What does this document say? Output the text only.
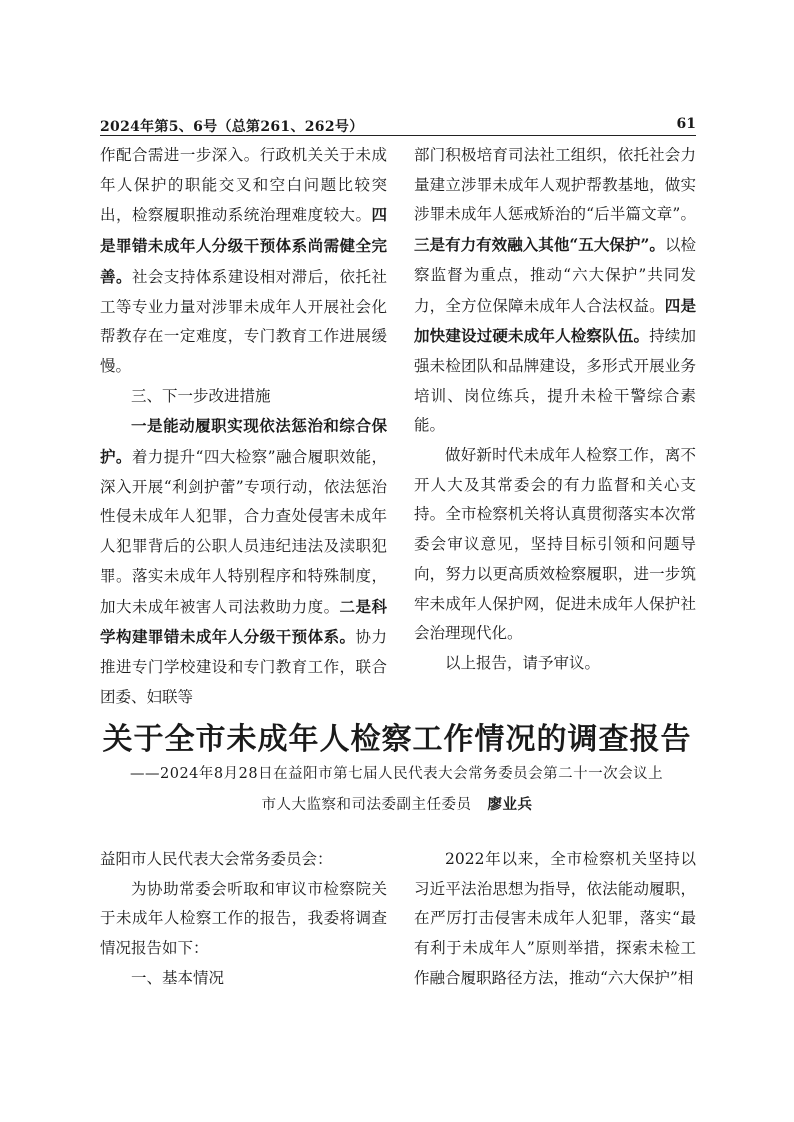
2024年第5、6号（总第261、262号）	61

作配合需进一步深入。行政机关关于未成年人保护的职能交叉和空白问题比较突出，检察履职推动系统治理难度较大。四是罪错未成年人分级干预体系尚需健全完善。社会支持体系建设相对滞后，依托社工等专业力量对涉罪未成年人开展社会化帮教存在一定难度，专门教育工作进展缓慢。

三、下一步改进措施

一是能动履职实现依法惩治和综合保护。着力提升“四大检察”融合履职效能，深入开展“利剑护蕾”专项行动，依法惩治性侵未成年人犯罪，合力查处侵害未成年人犯罪背后的公职人员违纪违法及渎职犯罪。落实未成年人特别程序和特殊制度，加大未成年被害人司法救助力度。二是科学构建罪错未成年人分级干预体系。协力推进专门学校建设和专门教育工作，联合团委、妇联等

部门积极培育司法社工组织，依托社会力量建立涉罪未成年人观护帮教基地，做实涉罪未成年人惩戒矫治的“后半篇文章”。三是有力有效融入其他“五大保护”。以检察监督为重点，推动“六大保护”共同发力，全方位保障未成年人合法权益。四是加快建设过硬未成年人检察队伍。持续加强未检团队和品牌建设，多形式开展业务培训、岗位练兵，提升未检干警综合素能。

做好新时代未成年人检察工作，离不开人大及其常委会的有力监督和关心支持。全市检察机关将认真贯彻落实本次常委会审议意见，坚持目标引领和问题导向，努力以更高质效检察履职，进一步筑牢未成年人保护网，促进未成年人保护社会治理现代化。

以上报告，请予审议。

关于全市未成年人检察工作情况的调查报告
——2024年8月28日在益阳市第七届人民代表大会常务委员会第二十一次会议上
市人大监察和司法委副主任委员 廖业兵

益阳市人民代表大会常务委员会：

为协助常委会听取和审议市检察院关于未成年人检察工作的报告，我委将调查情况报告如下：

一、基本情况

2022年以来，全市检察机关坚持以习近平法治思想为指导，依法能动履职，在严厉打击侵害未成年人犯罪，落实“最有利于未成年人”原则举措，探索未检工作融合履职路径方法，推动“六大保护”相
